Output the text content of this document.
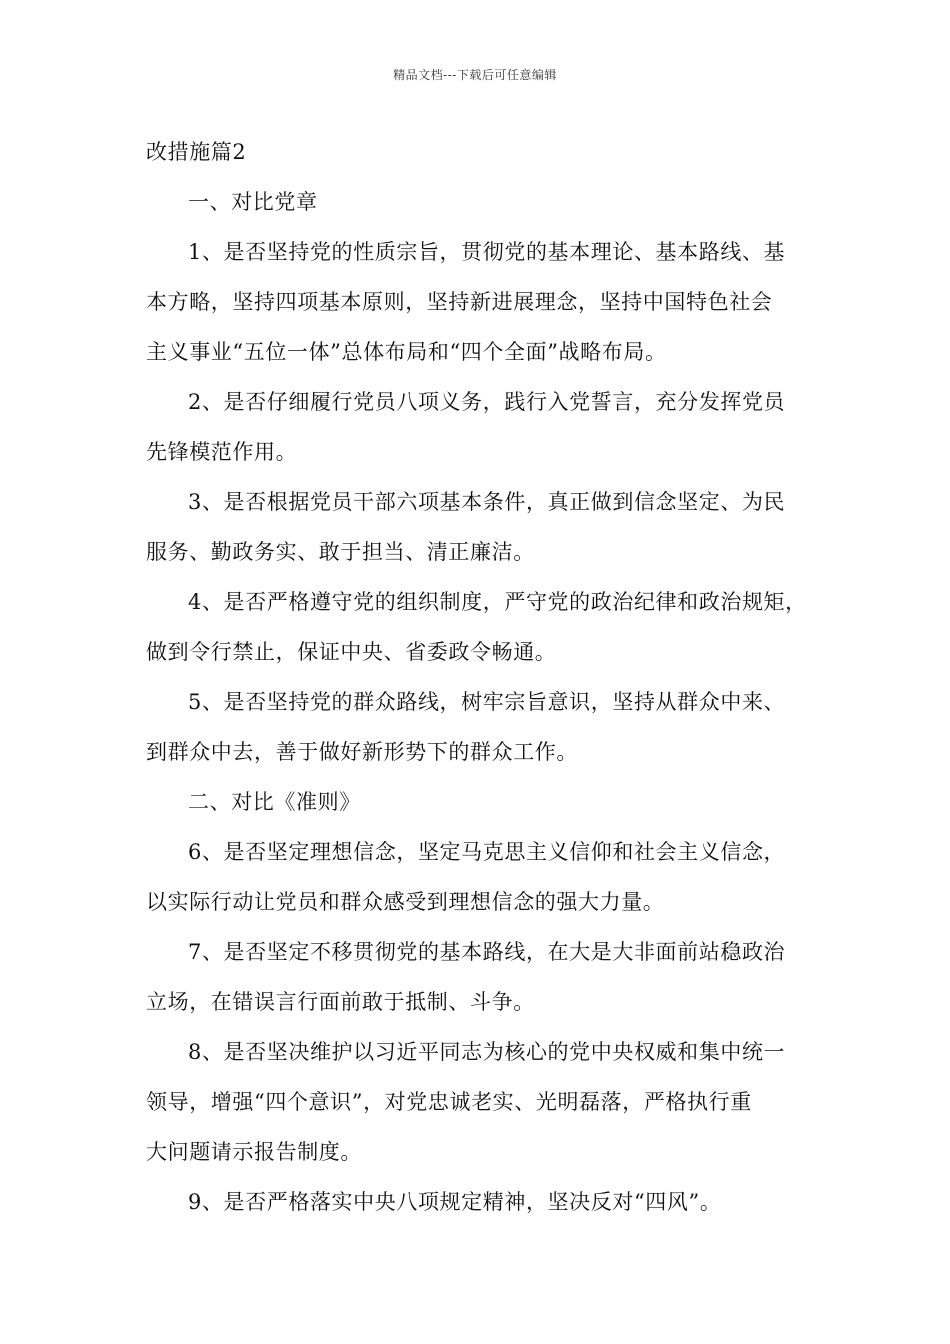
精品文档---下载后可任意编辑
改措施篇2
一、对比党章
1、是否坚持党的性质宗旨，贯彻党的基本理论、基本路线、基
本方略，坚持四项基本原则，坚持新进展理念，坚持中国特色社会
主义事业“五位一体”总体布局和“四个全面”战略布局。
2、是否仔细履行党员八项义务，践行入党誓言，充分发挥党员
先锋模范作用。
3、是否根据党员干部六项基本条件，真正做到信念坚定、为民
服务、勤政务实、敢于担当、清正廉洁。
4、是否严格遵守党的组织制度，严守党的政治纪律和政治规矩，
做到令行禁止，保证中央、省委政令畅通。
5、是否坚持党的群众路线，树牢宗旨意识，坚持从群众中来、
到群众中去，善于做好新形势下的群众工作。
二、对比《准则》
6、是否坚定理想信念，坚定马克思主义信仰和社会主义信念，
以实际行动让党员和群众感受到理想信念的强大力量。
7、是否坚定不移贯彻党的基本路线，在大是大非面前站稳政治
立场，在错误言行面前敢于抵制、斗争。
8、是否坚决维护以习近平同志为核心的党中央权威和集中统一
领导，增强“四个意识”，对党忠诚老实、光明磊落，严格执行重
大问题请示报告制度。
9、是否严格落实中央八项规定精神，坚决反对“四风”。
